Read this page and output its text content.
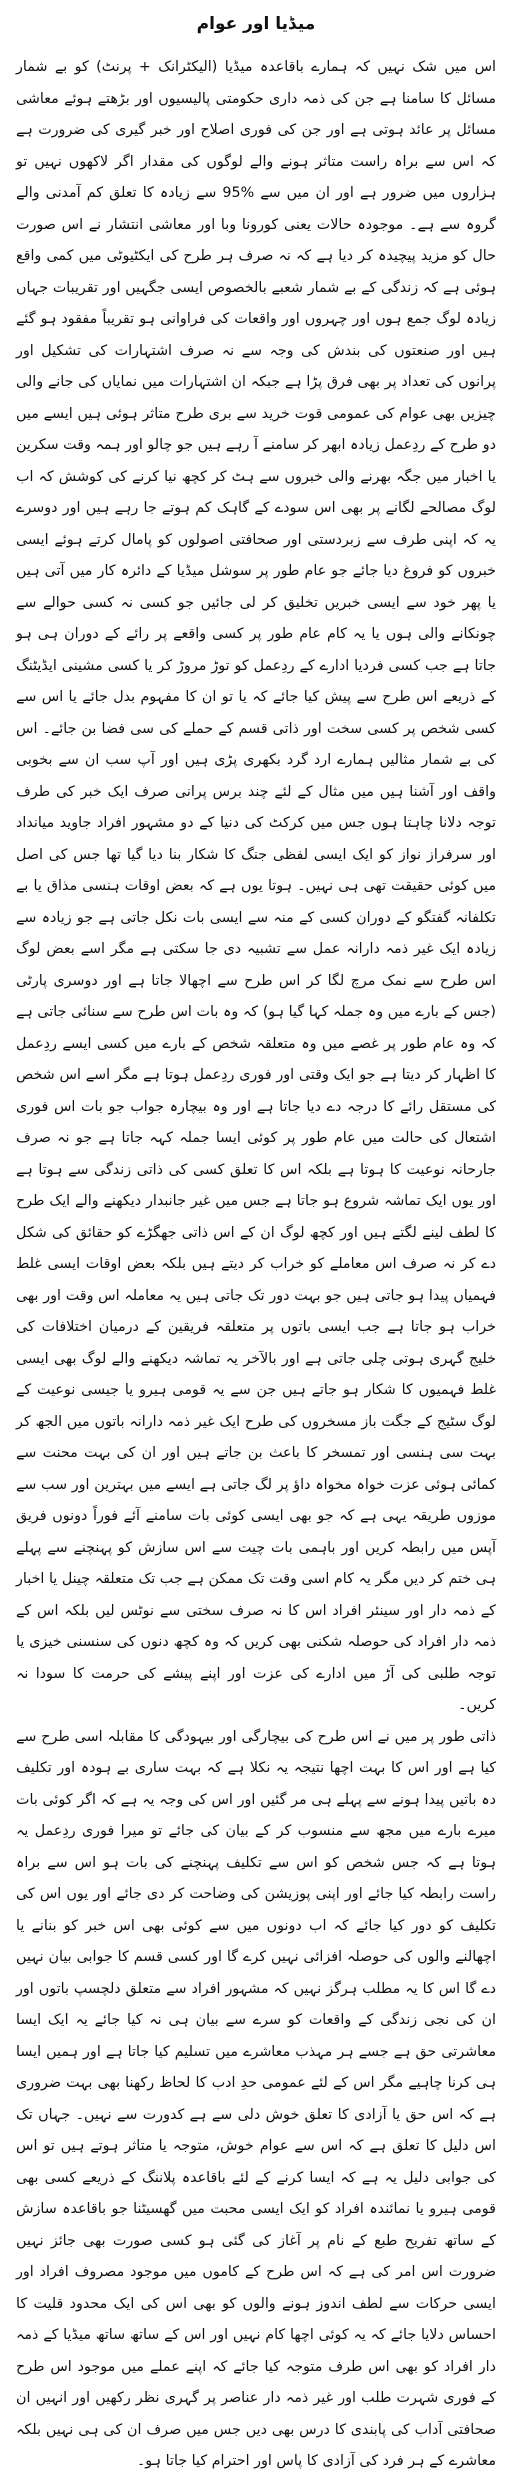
میڈیا اور عوام

اس میں شک نہیں کہ ہمارے باقاعدہ میڈیا (الیکٹرانک + پرنٹ) کو بے شمار مسائل کا سامنا ہے جن کی ذمہ داری حکومتی پالیسیوں اور بڑھتے ہوئے معاشی مسائل پر عائد ہوتی ہے اور جن کی فوری اصلاح اور خبر گیری کی ضرورت ہے کہ اس سے براہ راست متاثر ہونے والے لوگوں کی مقدار اگر لاکھوں نہیں تو ہزاروں میں ضرور ہے اور ان میں سے %95 سے زیادہ کا تعلق کم آمدنی والے گروہ سے ہے۔ موجودہ حالات یعنی کورونا وبا اور معاشی انتشار نے اس صورت حال کو مزید پیچیدہ کر دیا ہے کہ نہ صرف ہر طرح کی ایکٹیوٹی میں کمی واقع ہوئی ہے کہ زندگی کے بے شمار شعبے بالخصوص ایسی جگہیں اور تقریبات جہاں زیادہ لوگ جمع ہوں اور چہروں اور واقعات کی فراوانی ہو تقریباً مفقود ہو گئے ہیں اور صنعتوں کی بندش کی وجہ سے نہ صرف اشتہارات کی تشکیل اور پرانوں کی تعداد پر بھی فرق پڑا ہے جبکہ ان اشتہارات میں نمایاں کی جانے والی چیزیں بھی عوام کی عمومی قوت خرید سے بری طرح متاثر ہوئی ہیں ایسے میں دو طرح کے ردِعمل زیادہ ابھر کر سامنے آ رہے ہیں جو چالو اور ہمہ وقت سکرین یا اخبار میں جگہ بھرنے والی خبروں سے ہٹ کر کچھ نیا کرنے کی کوشش کہ اب لوگ مصالحے لگانے پر بھی اس سودے کے گاہک کم ہوتے جا رہے ہیں اور دوسرے یہ کہ اپنی طرف سے زبردستی اور صحافتی اصولوں کو پامال کرتے ہوئے ایسی خبروں کو فروغ دیا جائے جو عام طور پر سوشل میڈیا کے دائرہ کار میں آتی ہیں یا پھر خود سے ایسی خبریں تخلیق کر لی جائیں جو کسی نہ کسی حوالے سے چونکانے والی ہوں یا یہ کام عام طور پر کسی واقعے پر رائے کے دوران ہی ہو جاتا ہے جب کسی فردیا ادارے کے ردِعمل کو توڑ مروڑ کر یا کسی مشینی ایڈیٹنگ کے ذریعے اس طرح سے پیش کیا جائے کہ یا تو ان کا مفہوم بدل جائے یا اس سے کسی شخص پر کسی سخت اور ذاتی قسم کے حملے کی سی فضا بن جائے۔ اس کی بے شمار مثالیں ہمارے ارد گرد بکھری پڑی ہیں اور آپ سب ان سے بخوبی واقف اور آشنا ہیں میں مثال کے لئے چند برس پرانی صرف ایک خبر کی طرف توجہ دلانا چاہتا ہوں جس میں کرکٹ کی دنیا کے دو مشہور افراد جاوید میانداد اور سرفراز نواز کو ایک ایسی لفظی جنگ کا شکار بنا دیا گیا تھا جس کی اصل میں کوئی حقیقت تھی ہی نہیں۔ ہوتا یوں ہے کہ بعض اوقات ہنسی مذاق یا بے تکلفانہ گفتگو کے دوران کسی کے منہ سے ایسی بات نکل جاتی ہے جو زیادہ سے زیادہ ایک غیر ذمہ دارانہ عمل سے تشبیہ دی جا سکتی ہے مگر اسے بعض لوگ اس طرح سے نمک مرچ لگا کر اس طرح سے اچھالا جاتا ہے اور دوسری پارٹی (جس کے بارے میں وہ جملہ کہا گیا ہو) کہ وہ بات اس طرح سے سنائی جاتی ہے کہ وہ عام طور پر غصے میں وہ متعلقہ شخص کے بارے میں کسی ایسے ردِعمل کا اظہار کر دیتا ہے جو ایک وقتی اور فوری ردِعمل ہوتا ہے مگر اسے اس شخص کی مستقل رائے کا درجہ دے دیا جاتا ہے اور وہ بیچارہ جواب جو بات اس فوری اشتعال کی حالت میں عام طور پر کوئی ایسا جملہ کہہ جاتا ہے جو نہ صرف جارحانہ نوعیت کا ہوتا ہے بلکہ اس کا تعلق کسی کی ذاتی زندگی سے ہوتا ہے اور یوں ایک تماشہ شروع ہو جاتا ہے جس میں غیر جانبدار دیکھنے والے ایک طرح کا لطف لینے لگتے ہیں اور کچھ لوگ ان کے اس ذاتی جھگڑے کو حقائق کی شکل دے کر نہ صرف اس معاملے کو خراب کر دیتے ہیں بلکہ بعض اوقات ایسی غلط فہمیاں پیدا ہو جاتی ہیں جو بہت دور تک جاتی ہیں یہ معاملہ اس وقت اور بھی خراب ہو جاتا ہے جب ایسی باتوں پر متعلقہ فریقین کے درمیان اختلافات کی خلیج گہری ہوتی چلی جاتی ہے اور بالآخر یہ تماشہ دیکھنے والے لوگ بھی ایسی غلط فہمیوں کا شکار ہو جاتے ہیں جن سے یہ قومی ہیرو یا جیسی نوعیت کے لوگ سٹیج کے جگت باز مسخروں کی طرح ایک غیر ذمہ دارانہ باتوں میں الجھ کر بہت سی ہنسی اور تمسخر کا باعث بن جاتے ہیں اور ان کی بہت محنت سے کمائی ہوئی عزت خواہ مخواہ داؤ پر لگ جاتی ہے ایسے میں بہترین اور سب سے موزوں طریقہ یہی ہے کہ جو بھی ایسی کوئی بات سامنے آئے فوراً دونوں فریق آپس میں رابطہ کریں اور باہمی بات چیت سے اس سازش کو پہنچنے سے پہلے ہی ختم کر دیں مگر یہ کام اسی وقت تک ممکن ہے جب تک متعلقہ چینل یا اخبار کے ذمہ دار اور سینئر افراد اس کا نہ صرف سختی سے نوٹس لیں بلکہ اس کے ذمہ دار افراد کی حوصلہ شکنی بھی کریں کہ وہ کچھ دنوں کی سنسنی خیزی یا توجہ طلبی کی آڑ میں ادارے کی عزت اور اپنے پیشے کی حرمت کا سودا نہ کریں۔

ذاتی طور پر میں نے اس طرح کی بیچارگی اور بیہودگی کا مقابلہ اسی طرح سے کیا ہے اور اس کا بہت اچھا نتیجہ یہ نکلا ہے کہ بہت ساری بے ہودہ اور تکلیف دہ باتیں پیدا ہونے سے پہلے ہی مر گئیں اور اس کی وجہ یہ ہے کہ اگر کوئی بات میرے بارے میں مجھ سے منسوب کر کے بیان کی جائے تو میرا فوری ردِعمل یہ ہوتا ہے کہ جس شخص کو اس سے تکلیف پہنچنے کی بات ہو اس سے براہ راست رابطہ کیا جائے اور اپنی پوزیشن کی وضاحت کر دی جائے اور یوں اس کی تکلیف کو دور کیا جائے کہ اب دونوں میں سے کوئی بھی اس خبر کو بنانے یا اچھالنے والوں کی حوصلہ افزائی نہیں کرے گا اور کسی قسم کا جوابی بیان نہیں دے گا اس کا یہ مطلب ہرگز نہیں کہ مشہور افراد سے متعلق دلچسپ باتوں اور ان کی نجی زندگی کے واقعات کو سرے سے بیان ہی نہ کیا جائے یہ ایک ایسا معاشرتی حق ہے جسے ہر مہذب معاشرے میں تسلیم کیا جاتا ہے اور ہمیں ایسا ہی کرنا چاہیے مگر اس کے لئے عمومی حدِ ادب کا لحاظ رکھنا بھی بہت ضروری ہے کہ اس حق یا آزادی کا تعلق خوش دلی سے ہے کدورت سے نہیں۔ جہاں تک اس دلیل کا تعلق ہے کہ اس سے عوام خوش، متوجہ یا متاثر ہوتے ہیں تو اس کی جوابی دلیل یہ ہے کہ ایسا کرنے کے لئے باقاعدہ پلاننگ کے ذریعے کسی بھی قومی ہیرو یا نمائندہ افراد کو ایک ایسی محبت میں گھسیٹنا جو باقاعدہ سازش کے ساتھ تفریح طبع کے نام پر آغاز کی گئی ہو کسی صورت بھی جائز نہیں ضرورت اس امر کی ہے کہ اس طرح کے کاموں میں موجود مصروف افراد اور ایسی حرکات سے لطف اندوز ہونے والوں کو بھی اس کی ایک محدود قلیت کا احساس دلایا جائے کہ یہ کوئی اچھا کام نہیں اور اس کے ساتھ ساتھ میڈیا کے ذمہ دار افراد کو بھی اس طرف متوجہ کیا جائے کہ اپنے عملے میں موجود اس طرح کے فوری شہرت طلب اور غیر ذمہ دار عناصر پر گہری نظر رکھیں اور انہیں ان صحافتی آداب کی پابندی کا درس بھی دیں جس میں صرف ان کی ہی نہیں بلکہ معاشرے کے ہر فرد کی آزادی کا پاس اور احترام کیا جاتا ہو۔
